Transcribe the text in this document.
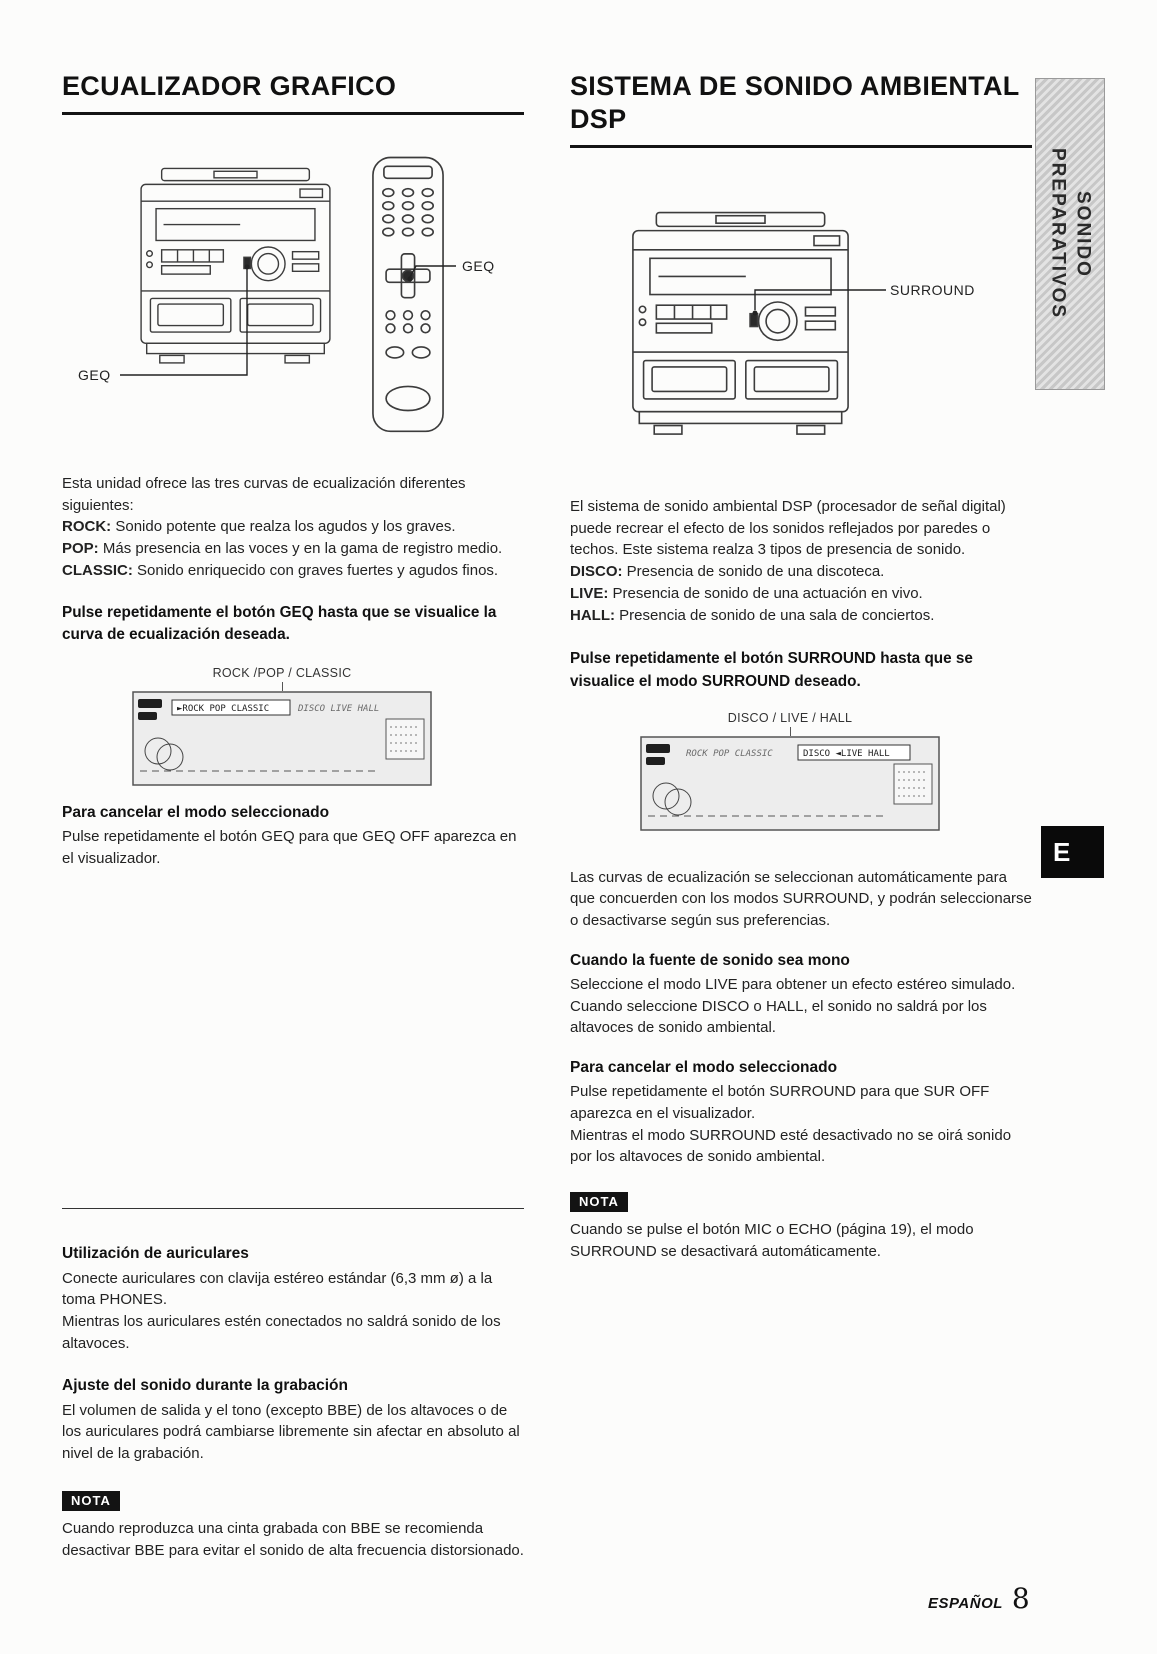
ECUALIZADOR GRAFICO
GEQ
GEQ

Esta unidad ofrece las tres curvas de ecualización diferentes siguientes:

ROCK: Sonido potente que realza los agudos y los graves.

POP: Más presencia en las voces y en la gama de registro medio.

CLASSIC: Sonido enriquecido con graves fuertes y agudos finos.

Pulse repetidamente el botón GEQ hasta que se visualice la curva de ecualización deseada.

ROCK /POP / CLASSIC
►ROCK POP CLASSIC	DISCO LIVE HALL

Para cancelar el modo seleccionado

Pulse repetidamente el botón GEQ para que GEQ OFF aparezca en el visualizador.

Utilización de auriculares

Conecte auriculares con clavija estéreo estándar (6,3 mm ø) a la toma PHONES.

Mientras los auriculares estén conectados no saldrá sonido de los altavoces.

Ajuste del sonido durante la grabación

El volumen de salida y el tono (excepto BBE) de los altavoces o de los auriculares podrá cambiarse libremente sin afectar en absoluto al nivel de la grabación.

NOTA

Cuando reproduzca una cinta grabada con BBE se recomienda desactivar BBE para evitar el sonido de alta frecuencia distorsionado.

SISTEMA DE SONIDO AMBIENTAL
DSP
SURROUND

El sistema de sonido ambiental DSP (procesador de señal digital) puede recrear el efecto de los sonidos reflejados por paredes o techos. Este sistema realza 3 tipos de presencia de sonido.

DISCO: Presencia de sonido de una discoteca.

LIVE: Presencia de sonido de una actuación en vivo.

HALL: Presencia de sonido de una sala de conciertos.

Pulse repetidamente el botón SURROUND hasta que se visualice el modo SURROUND deseado.

DISCO / LIVE / HALL
ROCK POP CLASSIC	DISCO ◄LIVE HALL

Las curvas de ecualización se seleccionan automáticamente para que concuerden con los modos SURROUND, y podrán seleccionarse o desactivarse según sus preferencias.

Cuando la fuente de sonido sea mono

Seleccione el modo LIVE para obtener un efecto estéreo simulado. Cuando seleccione DISCO o HALL, el sonido no saldrá por los altavoces de sonido ambiental.

Para cancelar el modo seleccionado

Pulse repetidamente el botón SURROUND para que SUR OFF aparezca en el visualizador.

Mientras el modo SURROUND esté desactivado no se oirá sonido por los altavoces de sonido ambiental.

NOTA

Cuando se pulse el botón MIC o ECHO (página 19), el modo SURROUND se desactivará automáticamente.

PREPARATIVOS SONIDO
E
ESPAÑOL 8
